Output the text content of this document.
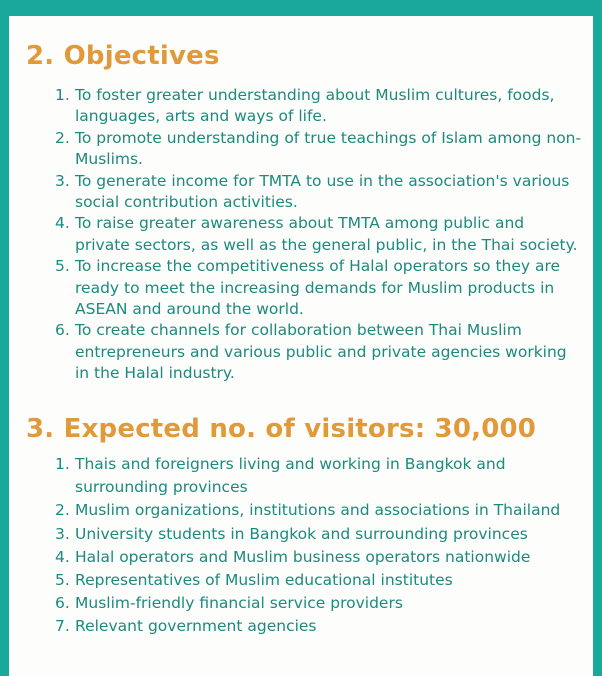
2. Objectives
1. To foster greater understanding about Muslim cultures, foods, languages, arts and ways of life.
2. To promote understanding of true teachings of Islam among non-Muslims.
3. To generate income for TMTA to use in the association's various social contribution activities.
4. To raise greater awareness about TMTA among public and private sectors, as well as the general public, in the Thai society.
5. To increase the competitiveness of Halal operators so they are ready to meet the increasing demands for Muslim products in ASEAN and around the world.
6. To create channels for collaboration between Thai Muslim entrepreneurs and various public and private agencies working in the Halal industry.
3. Expected no. of visitors: 30,000
1. Thais and foreigners living and working in Bangkok and surrounding provinces
2. Muslim organizations, institutions and associations in Thailand
3. University students in Bangkok and surrounding provinces
4. Halal operators and Muslim business operators nationwide
5. Representatives of Muslim educational institutes
6. Muslim-friendly financial service providers
7. Relevant government agencies
